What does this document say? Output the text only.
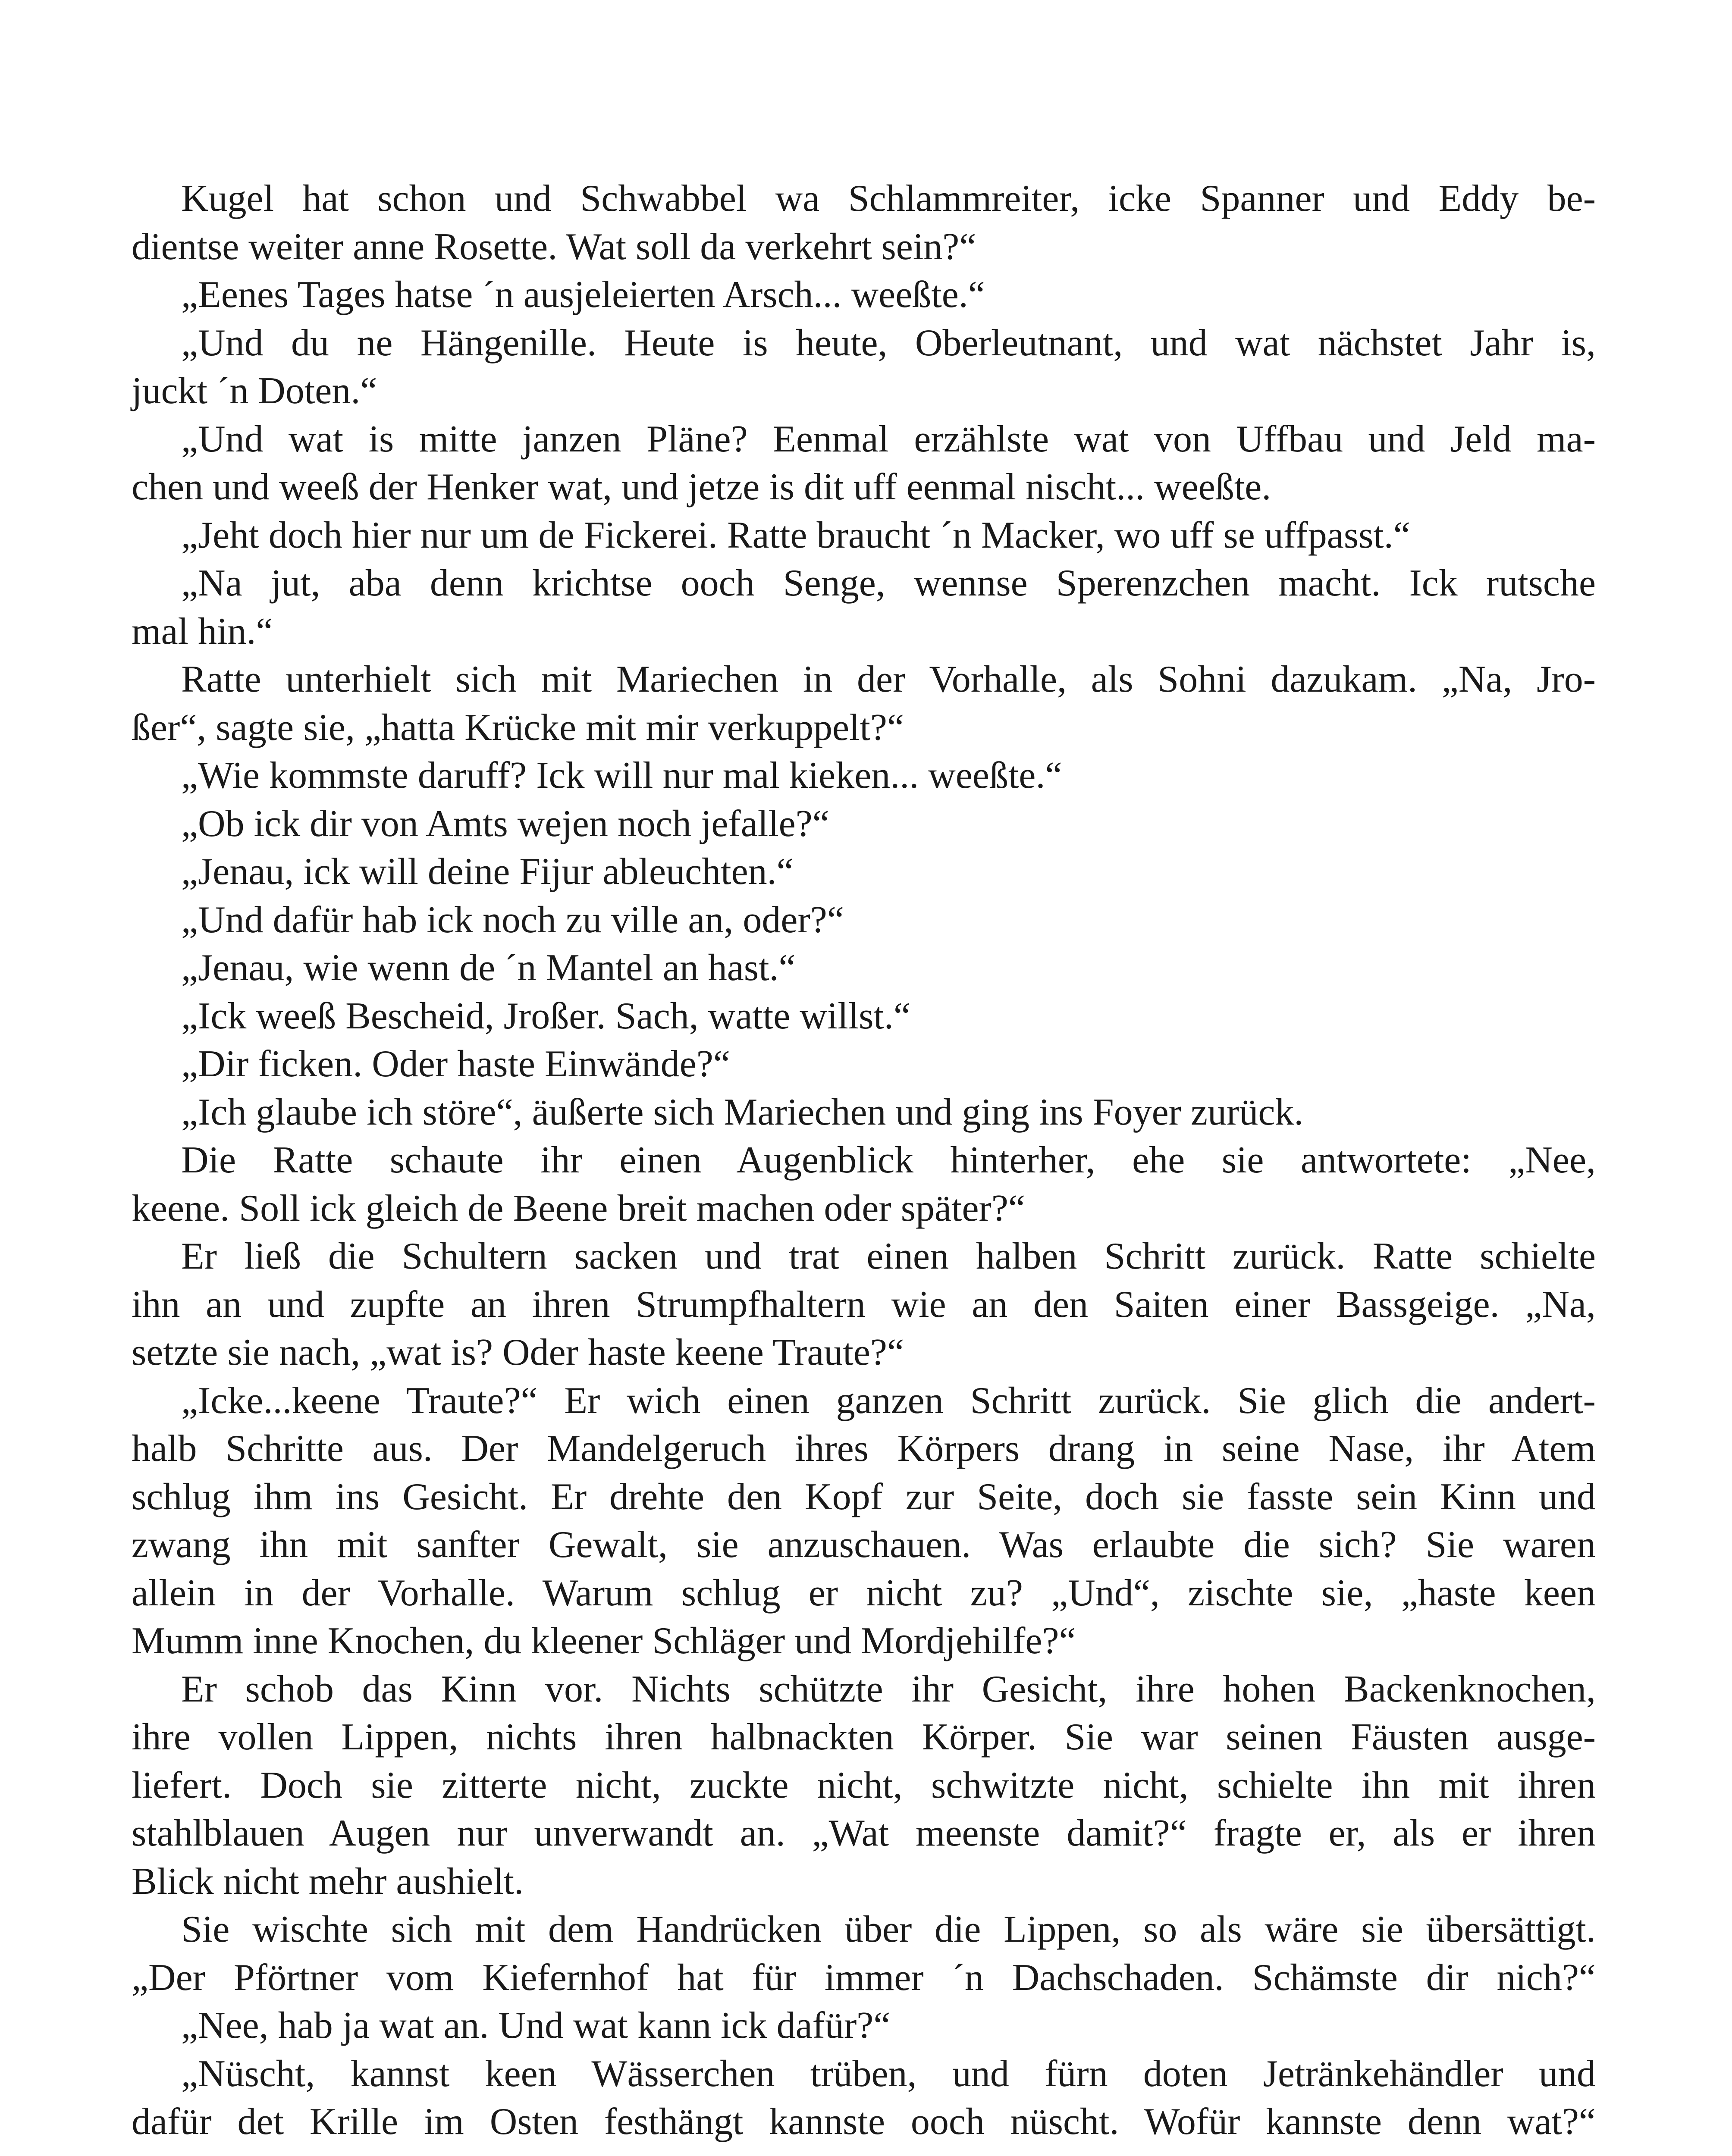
Kugel hat schon und Schwabbel wa Schlammreiter, icke Spanner und Eddy be-
dientse weiter anne Rosette. Wat soll da verkehrt sein?“
„Eenes Tages hatse ´n ausjeleierten Arsch... weeßte.“
„Und du ne Hängenille. Heute is heute, Oberleutnant, und wat nächstet Jahr is,
juckt ´n Doten.“
„Und wat is mitte janzen Pläne? Eenmal erzählste wat von Uffbau und Jeld ma-
chen und weeß der Henker wat, und jetze is dit uff eenmal nischt... weeßte.
„Jeht doch hier nur um de Fickerei. Ratte braucht ´n Macker, wo uff se uffpasst.“
„Na jut, aba denn krichtse ooch Senge, wennse Sperenzchen macht. Ick rutsche
mal hin.“
Ratte unterhielt sich mit Mariechen in der Vorhalle, als Sohni dazukam. „Na, Jro-
ßer“, sagte sie, „hatta Krücke mit mir verkuppelt?“
„Wie kommste daruff? Ick will nur mal kieken... weeßte.“
„Ob ick dir von Amts wejen noch jefalle?“
„Jenau, ick will deine Fijur ableuchten.“
„Und dafür hab ick noch zu ville an, oder?“
„Jenau, wie wenn de ´n Mantel an hast.“
„Ick weeß Bescheid, Jroßer. Sach, watte willst.“
„Dir ficken. Oder haste Einwände?“
„Ich glaube ich störe“, äußerte sich Mariechen und ging ins Foyer zurück.
Die Ratte schaute ihr einen Augenblick hinterher, ehe sie antwortete: „Nee,
keene. Soll ick gleich de Beene breit machen oder später?“
Er ließ die Schultern sacken und trat einen halben Schritt zurück. Ratte schielte
ihn an und zupfte an ihren Strumpfhaltern wie an den Saiten einer Bassgeige. „Na,
setzte sie nach, „wat is? Oder haste keene Traute?“
„Icke...keene Traute?“ Er wich einen ganzen Schritt zurück. Sie glich die andert-
halb Schritte aus. Der Mandelgeruch ihres Körpers drang in seine Nase, ihr Atem
schlug ihm ins Gesicht. Er drehte den Kopf zur Seite, doch sie fasste sein Kinn und
zwang ihn mit sanfter Gewalt, sie anzuschauen. Was erlaubte die sich? Sie waren
allein in der Vorhalle. Warum schlug er nicht zu? „Und“, zischte sie, „haste keen
Mumm inne Knochen, du kleener Schläger und Mordjehilfe?“
Er schob das Kinn vor. Nichts schützte ihr Gesicht, ihre hohen Backenknochen,
ihre vollen Lippen, nichts ihren halbnackten Körper. Sie war seinen Fäusten ausge-
liefert. Doch sie zitterte nicht, zuckte nicht, schwitzte nicht, schielte ihn mit ihren
stahlblauen Augen nur unverwandt an. „Wat meenste damit?“ fragte er, als er ihren
Blick nicht mehr aushielt.
Sie wischte sich mit dem Handrücken über die Lippen, so als wäre sie übersättigt.
„Der Pförtner vom Kiefernhof hat für immer ´n Dachschaden. Schämste dir nich?“
„Nee, hab ja wat an. Und wat kann ick dafür?“
„Nüscht, kannst keen Wässerchen trüben, und fürn doten Jetränkehändler und
dafür det Krille im Osten festhängt kannste ooch nüscht. Wofür kannste denn wat?“
